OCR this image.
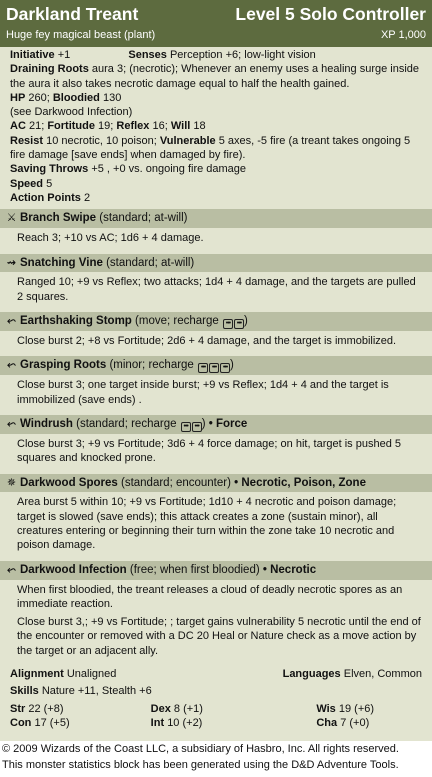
Darkland Treant	Level 5 Solo Controller
Huge fey magical beast (plant)	XP 1,000
Initiative +1	Senses Perception +6; low-light vision
Draining Roots aura 3; (necrotic); Whenever an enemy uses a healing surge inside the aura it also takes necrotic damage equal to half the health gained.
HP 260; Bloodied 130
(see Darkwood Infection)
AC 21; Fortitude 19; Reflex 16; Will 18
Resist 10 necrotic, 10 poison; Vulnerable 5 axes, -5 fire (a treant takes ongoing 5 fire damage [save ends] when damaged by fire).
Saving Throws +5 , +0 vs. ongoing fire damage
Speed 5
Action Points 2
⚔ Branch Swipe (standard; at-will)

Reach 3; +10 vs AC; 1d6 + 4 damage.

⇝ Snatching Vine (standard; at-will)

Ranged 10; +9 vs Reflex; two attacks; 1d4 + 4 damage, and the targets are pulled 2 squares.

⬿ Earthshaking Stomp (move; recharge ••• ••• )

Close burst 2; +8 vs Fortitude; 2d6 + 4 damage, and the target is immobilized.

⬿ Grasping Roots (minor; recharge ••• ••• ••• )

Close burst 3; one target inside burst; +9 vs Reflex; 1d4 + 4 and the target is immobilized (save ends) .

⬿ Windrush (standard; recharge ••• ••• ) • Force

Close burst 3; +9 vs Fortitude; 3d6 + 4 force damage; on hit, target is pushed 5 squares and knocked prone.

✵ Darkwood Spores (standard; encounter) • Necrotic, Poison, Zone

Area burst 5 within 10; +9 vs Fortitude; 1d10 + 4 necrotic and poison damage; target is slowed (save ends); this attack creates a zone (sustain minor), all creatures entering or beginning their turn within the zone take 10 necrotic and poison damage.

⬿ Darkwood Infection (free; when first bloodied) • Necrotic

When first bloodied, the treant releases a cloud of deadly necrotic spores as an immediate reaction.

Close burst 3,; +9 vs Fortitude; ; target gains vulnerability 5 necrotic until the end of the encounter or removed with a DC 20 Heal or Nature check as a move action by the target or an adjacent ally.

Alignment Unaligned	Languages Elven, Common
Skills Nature +11, Stealth +6
Str 22 (+8)	Dex 8 (+1)	Wis 19 (+6)
Con 17 (+5)	Int 10 (+2)	Cha 7 (+0)
© 2009 Wizards of the Coast LLC, a subsidiary of Hasbro, Inc. All rights reserved.
This monster statistics block has been generated using the D&D Adventure Tools.
